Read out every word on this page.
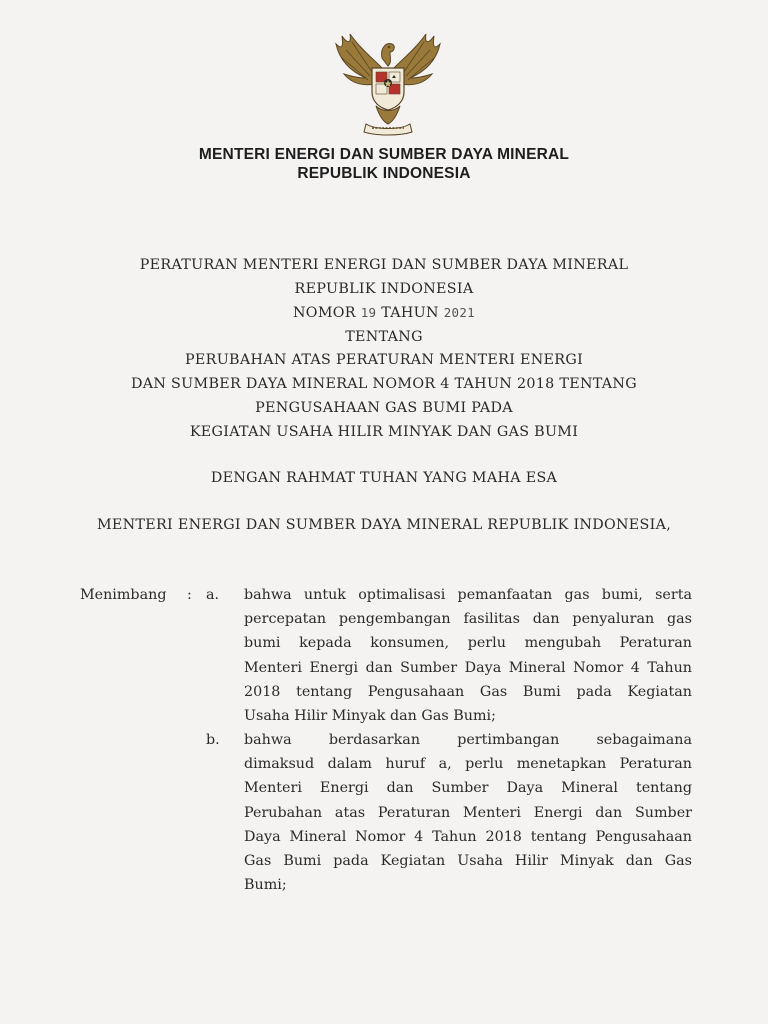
MENTERI ENERGI DAN SUMBER DAYA MINERAL
REPUBLIK INDONESIA
PERATURAN MENTERI ENERGI DAN SUMBER DAYA MINERAL
REPUBLIK INDONESIA
NOMOR 19 TAHUN 2021
TENTANG
PERUBAHAN ATAS PERATURAN MENTERI ENERGI
DAN SUMBER DAYA MINERAL NOMOR 4 TAHUN 2018 TENTANG
PENGUSAHAAN GAS BUMI PADA
KEGIATAN USAHA HILIR MINYAK DAN GAS BUMI
DENGAN RAHMAT TUHAN YANG MAHA ESA
MENTERI ENERGI DAN SUMBER DAYA MINERAL REPUBLIK INDONESIA,
Menimbang : a. bahwa untuk optimalisasi pemanfaatan gas bumi, serta
percepatan pengembangan fasilitas dan penyaluran gas
bumi kepada konsumen, perlu mengubah Peraturan
Menteri Energi dan Sumber Daya Mineral Nomor 4 Tahun
2018 tentang Pengusahaan Gas Bumi pada Kegiatan
Usaha Hilir Minyak dan Gas Bumi;
b. bahwa berdasarkan pertimbangan sebagaimana
dimaksud dalam huruf a, perlu menetapkan Peraturan
Menteri Energi dan Sumber Daya Mineral tentang
Perubahan atas Peraturan Menteri Energi dan Sumber
Daya Mineral Nomor 4 Tahun 2018 tentang Pengusahaan
Gas Bumi pada Kegiatan Usaha Hilir Minyak dan Gas
Bumi;
